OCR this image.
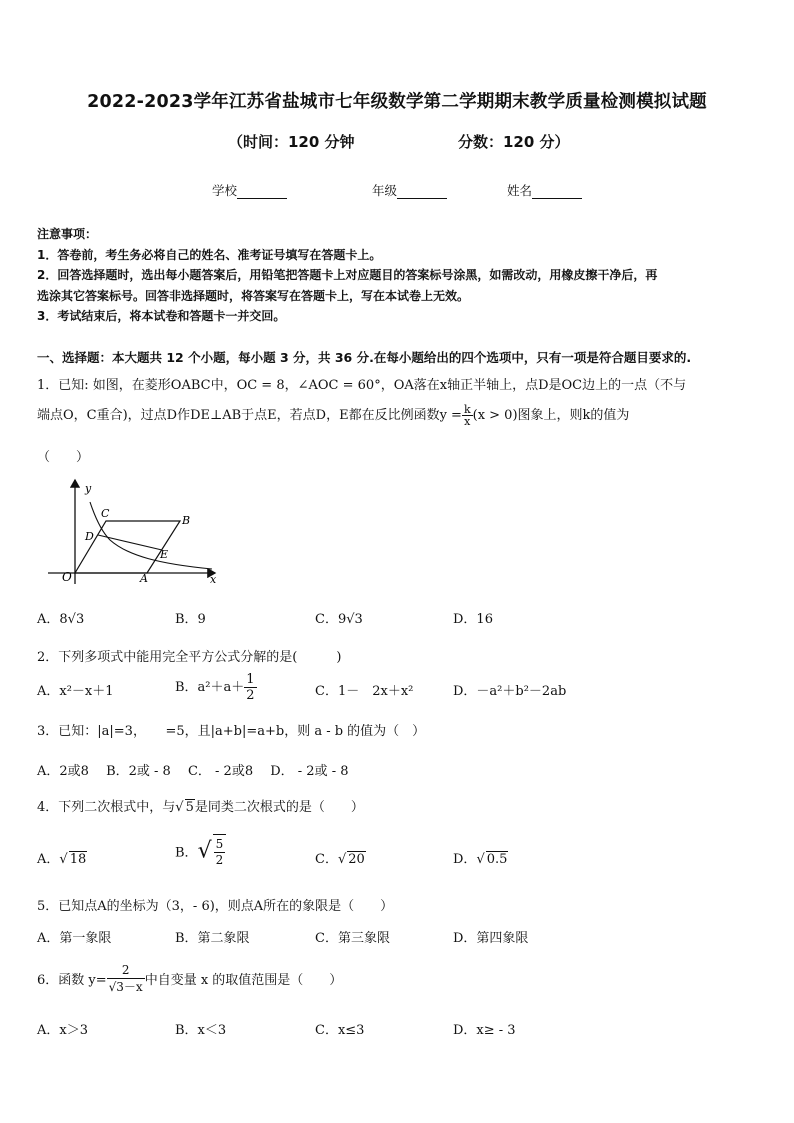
2022-2023学年江苏省盐城市七年级数学第二学期期末教学质量检测模拟试题
（时间：120 分钟	分数：120 分）
学校	年级	姓名
注意事项：
1．答卷前，考生务必将自己的姓名、准考证号填写在答题卡上。
2．回答选择题时，选出每小题答案后，用铅笔把答题卡上对应题目的答案标号涂黑，如需改动，用橡皮擦干净后，再
选涂其它答案标号。回答非选择题时，将答案写在答题卡上，写在本试卷上无效。
3．考试结束后，将本试卷和答题卡一并交回。
一、选择题：本大题共 12 个小题，每小题 3 分，共 36 分.在每小题给出的四个选项中，只有一项是符合题目要求的.
1．已知: 如图，在菱形OABC中，OC = 8，∠AOC = 60°，OA落在x轴正半轴上，点D是OC边上的一点（不与
端点O，C重合)，过点D作DE⊥AB于点E，若点D，E都在反比例函数$y = \frac{k}{x} (x > 0)$图象上，则k的值为
（　　）
y
x
O	A
B
C
D
E
A．8√3	B．9	C．9√3	D．16
2．下列多项式中能用完全平方公式分解的是(　　　)
A．x²－x＋1	B．$a^2+a+ \frac{1}{2}$	C．1－　2x＋x²	D．－a²＋b²－2ab
3．已知：|a|=3，　　=5，且|a+b|=a+b，则 a - b 的值为（　）
A．2或8　 B．2或 - 8　 C． - 2或8　 D． - 2或 - 8
4．下列二次根式中，与√ 5是同类二次根式的是（　　）
A．√ 18	B．√ $\frac{5}{2}$	C．√ 20	D．√ 0.5
5．已知点A的坐标为（3，- 6)，则点A所在的象限是（　　）
A．第一象限	B．第二象限	C．第三象限	D．第四象限
6．函数 $y= \frac{2}{√3-x}$ 中自变量 x 的取值范围是（　　）
A．x＞3	B．x＜3	C．x≤3	D．x≥ - 3
